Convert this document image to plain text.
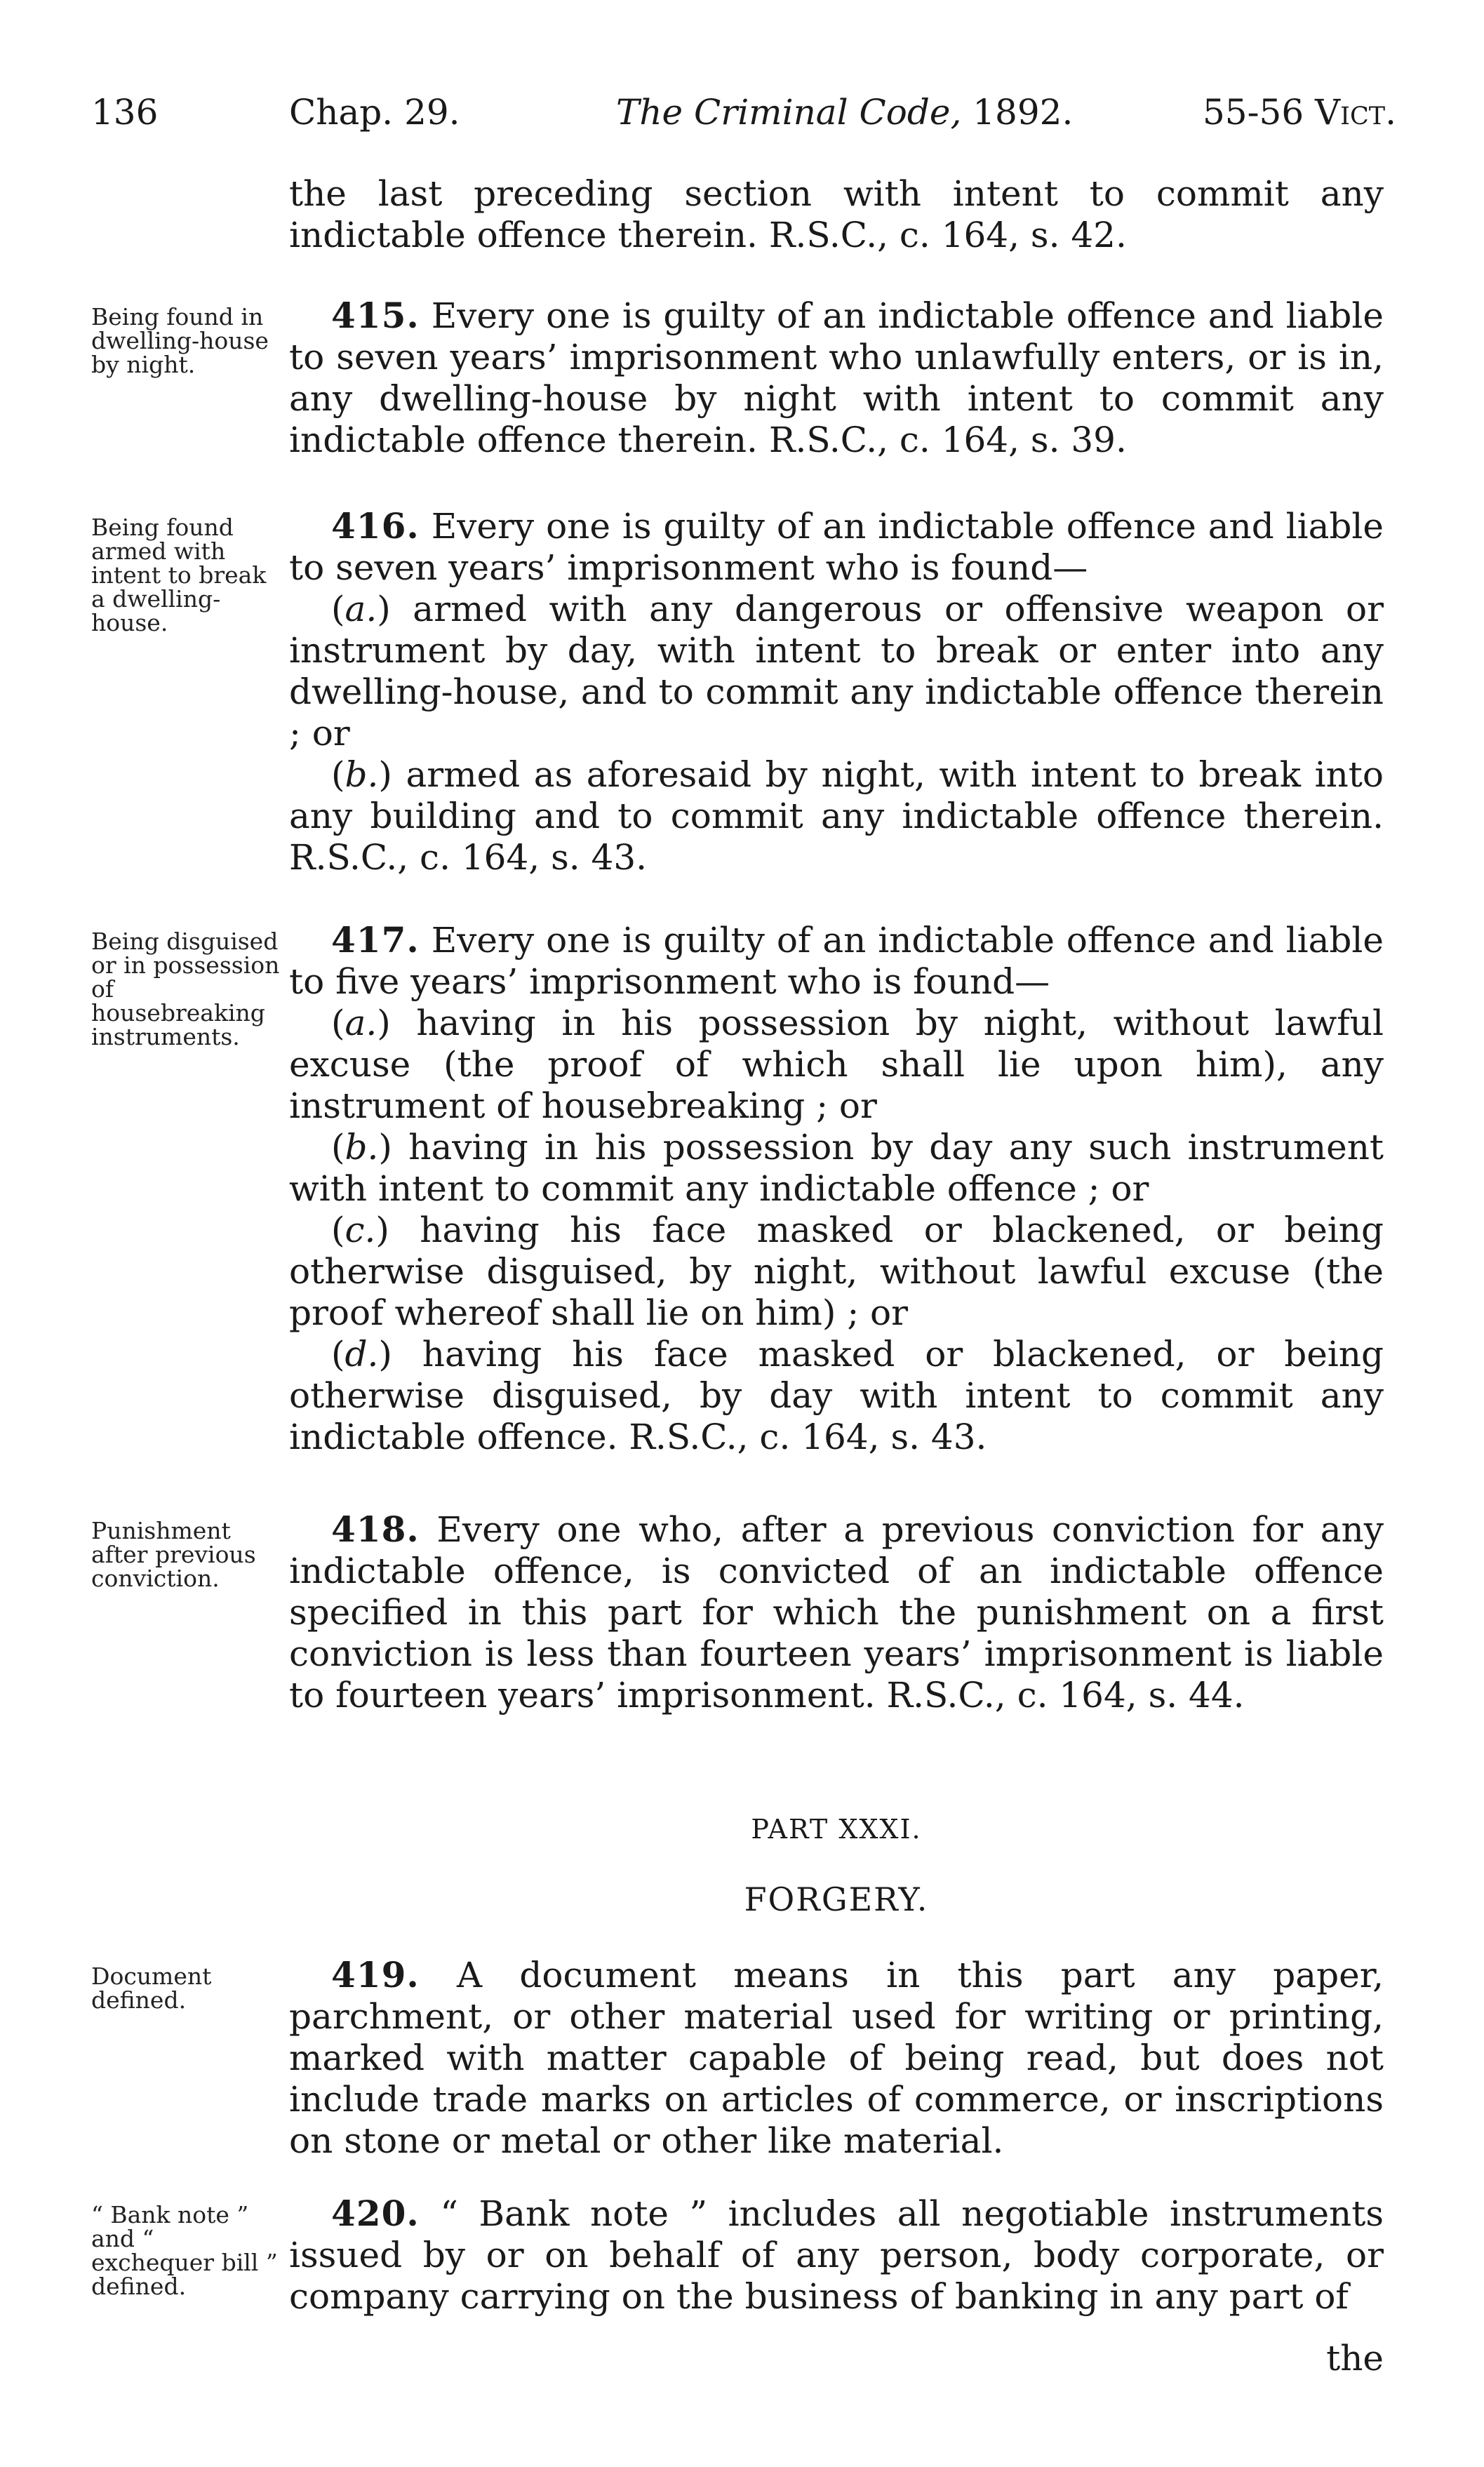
136	Chap. 29.	The Criminal Code, 1892.	55-56 Vict.

the last preceding section with intent to commit any indictable offence therein. R.S.C., c. 164, s. 42.

Being found in dwelling-house by night.

415. Every one is guilty of an indictable offence and liable to seven years’ imprisonment who unlawfully enters, or is in, any dwelling-house by night with intent to commit any indictable offence therein. R.S.C., c. 164, s. 39.

Being found armed with intent to break a dwelling-house.

416. Every one is guilty of an indictable offence and liable to seven years’ imprisonment who is found—

(a.) armed with any dangerous or offensive weapon or instrument by day, with intent to break or enter into any dwelling-house, and to commit any indictable offence therein ; or

(b.) armed as aforesaid by night, with intent to break into any building and to commit any indictable offence therein. R.S.C., c. 164, s. 43.

Being disguised or in possession of housebreaking instruments.

417. Every one is guilty of an indictable offence and liable to five years’ imprisonment who is found—

(a.) having in his possession by night, without lawful excuse (the proof of which shall lie upon him), any instrument of housebreaking ; or

(b.) having in his possession by day any such instrument with intent to commit any indictable offence ; or

(c.) having his face masked or blackened, or being otherwise disguised, by night, without lawful excuse (the proof whereof shall lie on him) ; or

(d.) having his face masked or blackened, or being otherwise disguised, by day with intent to commit any indictable offence. R.S.C., c. 164, s. 43.

Punishment after previous conviction.

418. Every one who, after a previous conviction for any indictable offence, is convicted of an indictable offence specified in this part for which the punishment on a first conviction is less than fourteen years’ imprisonment is liable to fourteen years’ imprisonment. R.S.C., c. 164, s. 44.

PART XXXI.
FORGERY.
Document defined.

419. A document means in this part any paper, parchment, or other material used for writing or printing, marked with matter capable of being read, but does not include trade marks on articles of commerce, or inscriptions on stone or metal or other like material.

“ Bank note ” and “ exchequer bill ” defined.

420. “ Bank note ” includes all negotiable instruments issued by or on behalf of any person, body corporate, or company carrying on the business of banking in any part of

the
